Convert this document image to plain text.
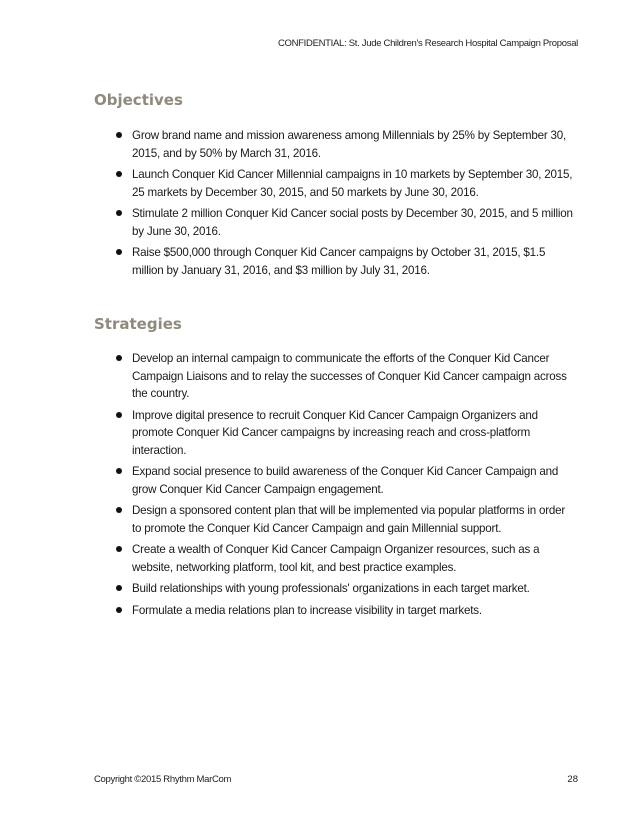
CONFIDENTIAL: St. Jude Children's Research Hospital Campaign Proposal
Objectives
Grow brand name and mission awareness among Millennials by 25% by September 30, 2015, and by 50% by March 31, 2016.
Launch Conquer Kid Cancer Millennial campaigns in 10 markets by September 30, 2015, 25 markets by December 30, 2015, and 50 markets by June 30, 2016.
Stimulate 2 million Conquer Kid Cancer social posts by December 30, 2015, and 5 million by June 30, 2016.
Raise $500,000 through Conquer Kid Cancer campaigns by October 31, 2015, $1.5 million by January 31, 2016, and $3 million by July 31, 2016.
Strategies
Develop an internal campaign to communicate the efforts of the Conquer Kid Cancer Campaign Liaisons and to relay the successes of Conquer Kid Cancer campaign across the country.
Improve digital presence to recruit Conquer Kid Cancer Campaign Organizers and promote Conquer Kid Cancer campaigns by increasing reach and cross-platform interaction.
Expand social presence to build awareness of the Conquer Kid Cancer Campaign and grow Conquer Kid Cancer Campaign engagement.
Design a sponsored content plan that will be implemented via popular platforms in order to promote the Conquer Kid Cancer Campaign and gain Millennial support.
Create a wealth of Conquer Kid Cancer Campaign Organizer resources, such as a website, networking platform, tool kit, and best practice examples.
Build relationships with young professionals' organizations in each target market.
Formulate a media relations plan to increase visibility in target markets.
Copyright ©2015 Rhythm MarCom	28
